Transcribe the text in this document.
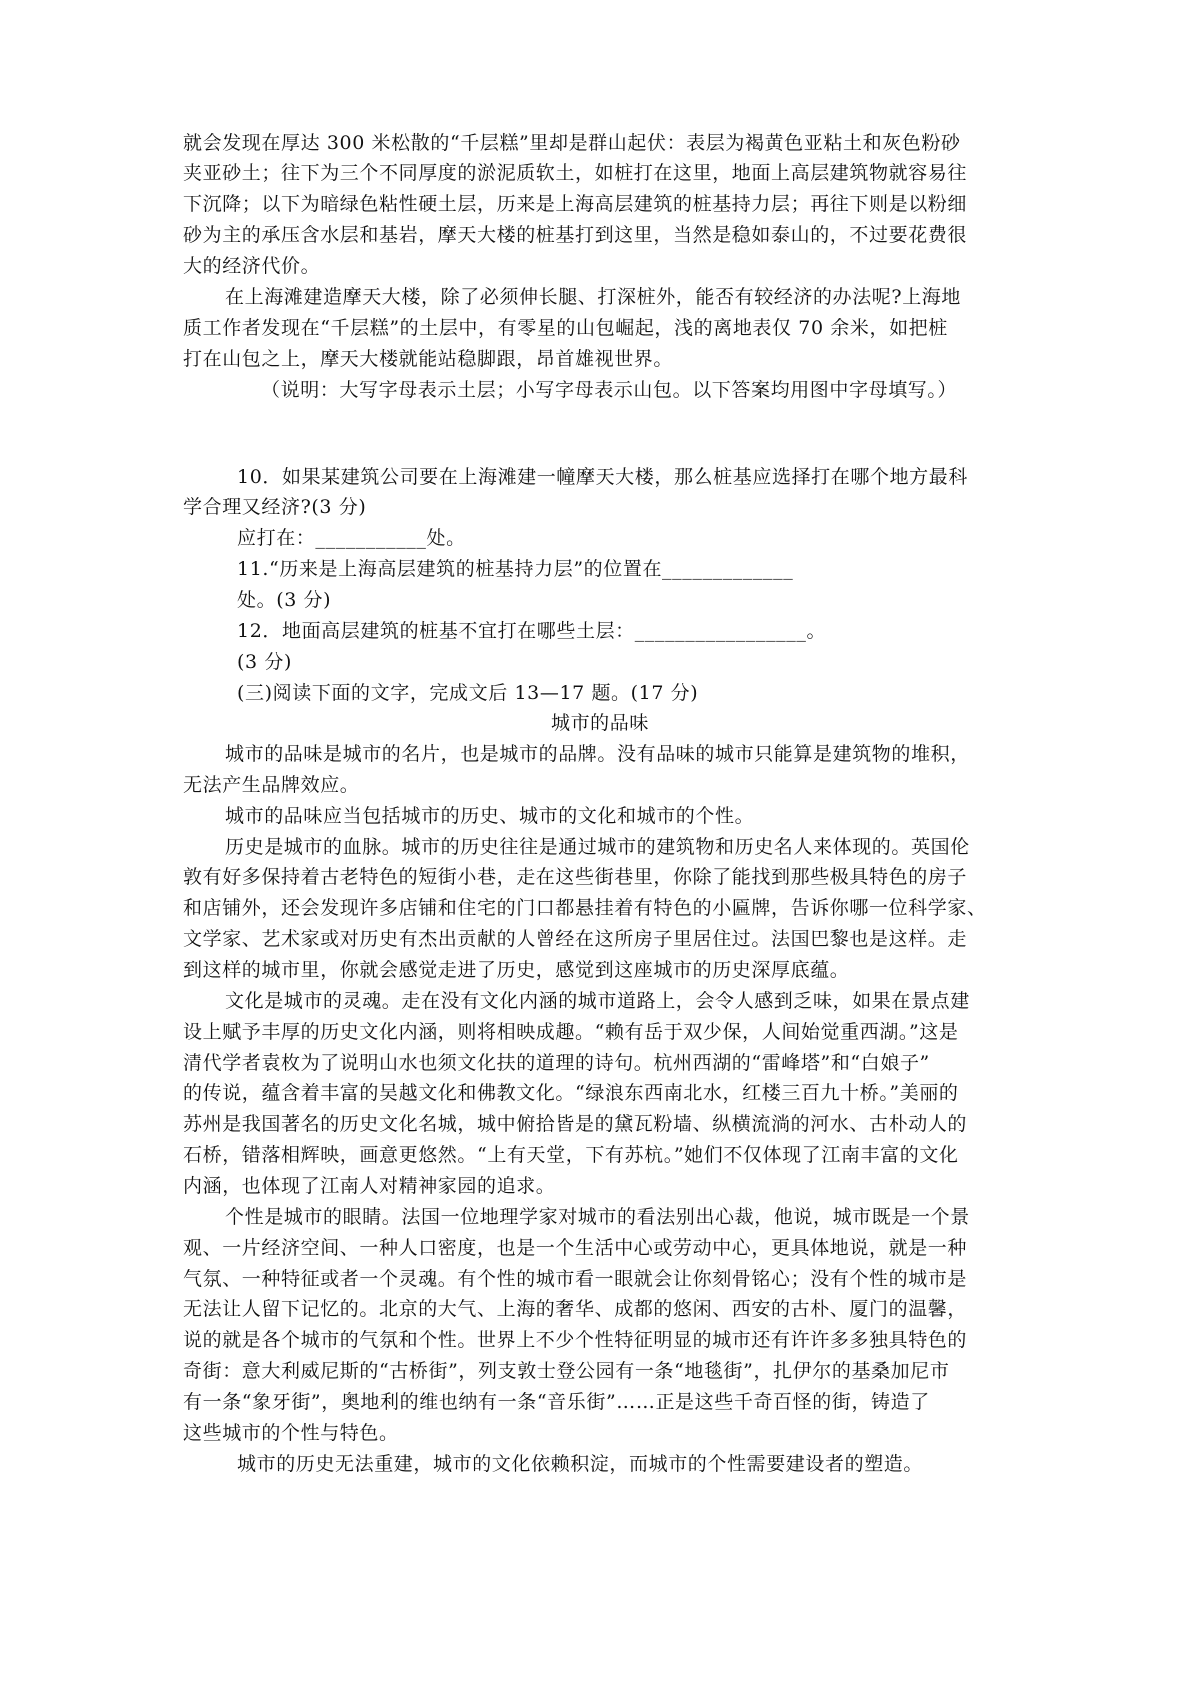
就会发现在厚达 300 米松散的“千层糕”里却是群山起伏：表层为褐黄色亚粘土和灰色粉砂
夹亚砂土；往下为三个不同厚度的淤泥质软土，如桩打在这里，地面上高层建筑物就容易往
下沉降；以下为暗绿色粘性硬土层，历来是上海高层建筑的桩基持力层；再往下则是以粉细
砂为主的承压含水层和基岩，摩天大楼的桩基打到这里，当然是稳如泰山的，不过要花费很
大的经济代价。
在上海滩建造摩天大楼，除了必须伸长腿、打深桩外，能否有较经济的办法呢?上海地
质工作者发现在“千层糕”的土层中，有零星的山包崛起，浅的离地表仅 70 余米，如把桩
打在山包之上，摩天大楼就能站稳脚跟，昂首雄视世界。
（说明：大写字母表示土层；小写字母表示山包。以下答案均用图中字母填写。）
10．如果某建筑公司要在上海滩建一幢摩天大楼，那么桩基应选择打在哪个地方最科
学合理又经济?(3 分)
应打在：___________处。
11.“历来是上海高层建筑的桩基持力层”的位置在_____________
处。(3 分)
12．地面高层建筑的桩基不宜打在哪些土层：_________________。
(3 分)
(三)阅读下面的文字，完成文后 13—17 题。(17 分)
城市的品味
城市的品味是城市的名片，也是城市的品牌。没有品味的城市只能算是建筑物的堆积，
无法产生品牌效应。
城市的品味应当包括城市的历史、城市的文化和城市的个性。
历史是城市的血脉。城市的历史往往是通过城市的建筑物和历史名人来体现的。英国伦
敦有好多保持着古老特色的短街小巷，走在这些街巷里，你除了能找到那些极具特色的房子
和店铺外，还会发现许多店铺和住宅的门口都悬挂着有特色的小匾牌，告诉你哪一位科学家、
文学家、艺术家或对历史有杰出贡献的人曾经在这所房子里居住过。法国巴黎也是这样。走
到这样的城市里，你就会感觉走进了历史，感觉到这座城市的历史深厚底蕴。
文化是城市的灵魂。走在没有文化内涵的城市道路上，会令人感到乏味，如果在景点建
设上赋予丰厚的历史文化内涵，则将相映成趣。“赖有岳于双少保，人间始觉重西湖。”这是
清代学者袁枚为了说明山水也须文化扶的道理的诗句。杭州西湖的“雷峰塔”和“白娘子”
的传说，蕴含着丰富的吴越文化和佛教文化。“绿浪东西南北水，红楼三百九十桥。”美丽的
苏州是我国著名的历史文化名城，城中俯拾皆是的黛瓦粉墙、纵横流淌的河水、古朴动人的
石桥，错落相辉映，画意更悠然。“上有天堂，下有苏杭。”她们不仅体现了江南丰富的文化
内涵，也体现了江南人对精神家园的追求。
个性是城市的眼睛。法国一位地理学家对城市的看法别出心裁，他说，城市既是一个景
观、一片经济空间、一种人口密度，也是一个生活中心或劳动中心，更具体地说，就是一种
气氛、一种特征或者一个灵魂。有个性的城市看一眼就会让你刻骨铭心；没有个性的城市是
无法让人留下记忆的。北京的大气、上海的奢华、成都的悠闲、西安的古朴、厦门的温馨，
说的就是各个城市的气氛和个性。世界上不少个性特征明显的城市还有许许多多独具特色的
奇街：意大利威尼斯的“古桥街”，列支敦士登公园有一条“地毯街”，扎伊尔的基桑加尼市
有一条“象牙街”，奥地利的维也纳有一条“音乐街”……正是这些千奇百怪的街，铸造了
这些城市的个性与特色。
城市的历史无法重建，城市的文化依赖积淀，而城市的个性需要建设者的塑造。
